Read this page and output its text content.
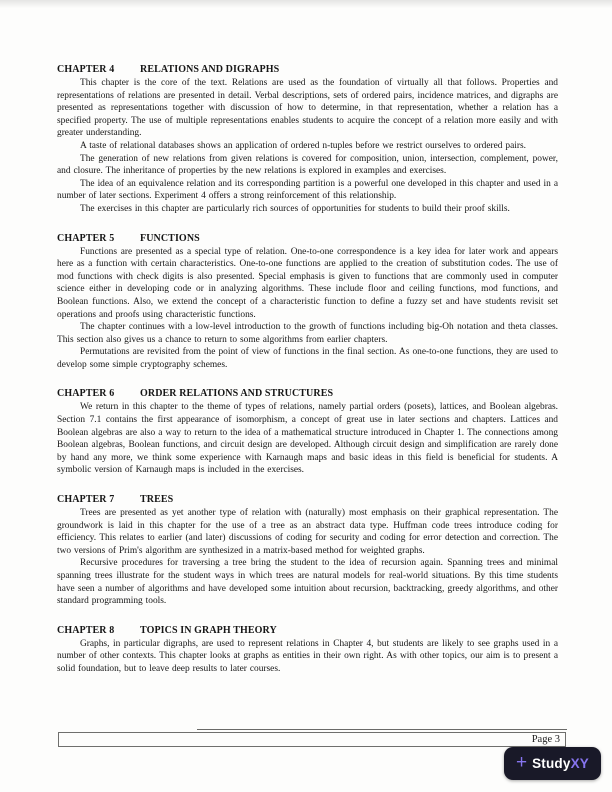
CHAPTER 4	RELATIONS AND DIGRAPHS

This chapter is the core of the text. Relations are used as the foundation of virtually all that follows. Properties and representations of relations are presented in detail. Verbal descriptions, sets of ordered pairs, incidence matrices, and digraphs are presented as representations together with discussion of how to determine, in that representation, whether a relation has a specified property. The use of multiple representations enables students to acquire the concept of a relation more easily and with greater understanding.

A taste of relational databases shows an application of ordered n-tuples before we restrict ourselves to ordered pairs.

The generation of new relations from given relations is covered for composition, union, intersection, complement, power, and closure. The inheritance of properties by the new relations is explored in examples and exercises.

The idea of an equivalence relation and its corresponding partition is a powerful one developed in this chapter and used in a number of later sections. Experiment 4 offers a strong reinforcement of this relationship.

The exercises in this chapter are particularly rich sources of opportunities for students to build their proof skills.

CHAPTER 5	FUNCTIONS

Functions are presented as a special type of relation. One-to-one correspondence is a key idea for later work and appears here as a function with certain characteristics. One-to-one functions are applied to the creation of substitution codes. The use of mod functions with check digits is also presented. Special emphasis is given to functions that are commonly used in computer science either in developing code or in analyzing algorithms. These include floor and ceiling functions, mod functions, and Boolean functions. Also, we extend the concept of a characteristic function to define a fuzzy set and have students revisit set operations and proofs using characteristic functions.

The chapter continues with a low-level introduction to the growth of functions including big-Oh notation and theta classes. This section also gives us a chance to return to some algorithms from earlier chapters.

Permutations are revisited from the point of view of functions in the final section. As one-to-one functions, they are used to develop some simple cryptography schemes.

CHAPTER 6	ORDER RELATIONS AND STRUCTURES

We return in this chapter to the theme of types of relations, namely partial orders (posets), lattices, and Boolean algebras. Section 7.1 contains the first appearance of isomorphism, a concept of great use in later sections and chapters. Lattices and Boolean algebras are also a way to return to the idea of a mathematical structure introduced in Chapter 1. The connections among Boolean algebras, Boolean functions, and circuit design are developed. Although circuit design and simplification are rarely done by hand any more, we think some experience with Karnaugh maps and basic ideas in this field is beneficial for students. A symbolic version of Karnaugh maps is included in the exercises.

CHAPTER 7	TREES

Trees are presented as yet another type of relation with (naturally) most emphasis on their graphical representation. The groundwork is laid in this chapter for the use of a tree as an abstract data type. Huffman code trees introduce coding for efficiency. This relates to earlier (and later) discussions of coding for security and coding for error detection and correction. The two versions of Prim's algorithm are synthesized in a matrix-based method for weighted graphs.

Recursive procedures for traversing a tree bring the student to the idea of recursion again. Spanning trees and minimal spanning trees illustrate for the student ways in which trees are natural models for real-world situations. By this time students have seen a number of algorithms and have developed some intuition about recursion, backtracking, greedy algorithms, and other standard programming tools.

CHAPTER 8	TOPICS IN GRAPH THEORY

Graphs, in particular digraphs, are used to represent relations in Chapter 4, but students are likely to see graphs used in a number of other contexts. This chapter looks at graphs as entities in their own right. As with other topics, our aim is to present a solid foundation, but to leave deep results to later courses.

Page 3
+ Study XY
